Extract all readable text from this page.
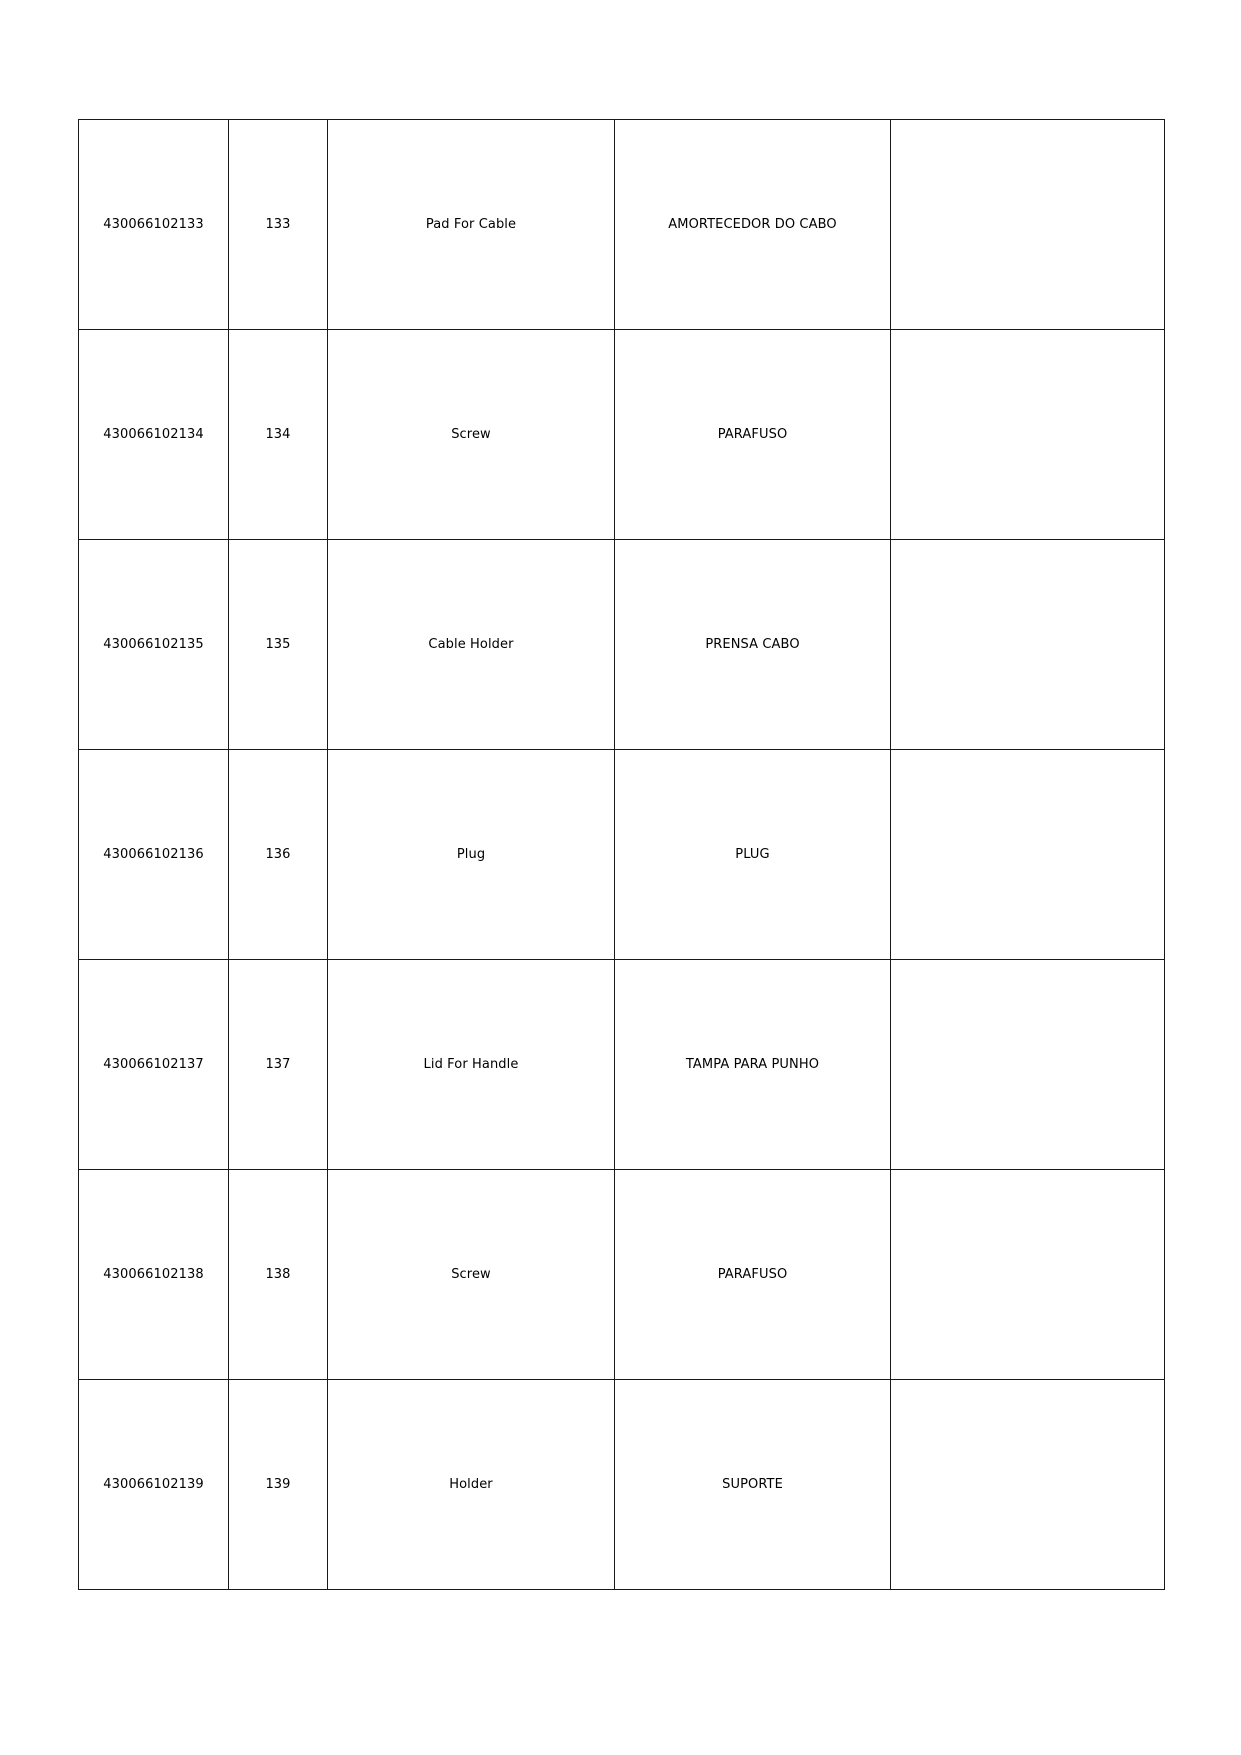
430066102133	133	Pad For Cable	AMORTECEDOR DO CABO	
430066102134	134	Screw	PARAFUSO	
430066102135	135	Cable Holder	PRENSA CABO	
430066102136	136	Plug	PLUG	
430066102137	137	Lid For Handle	TAMPA PARA PUNHO	
430066102138	138	Screw	PARAFUSO	
430066102139	139	Holder	SUPORTE	
